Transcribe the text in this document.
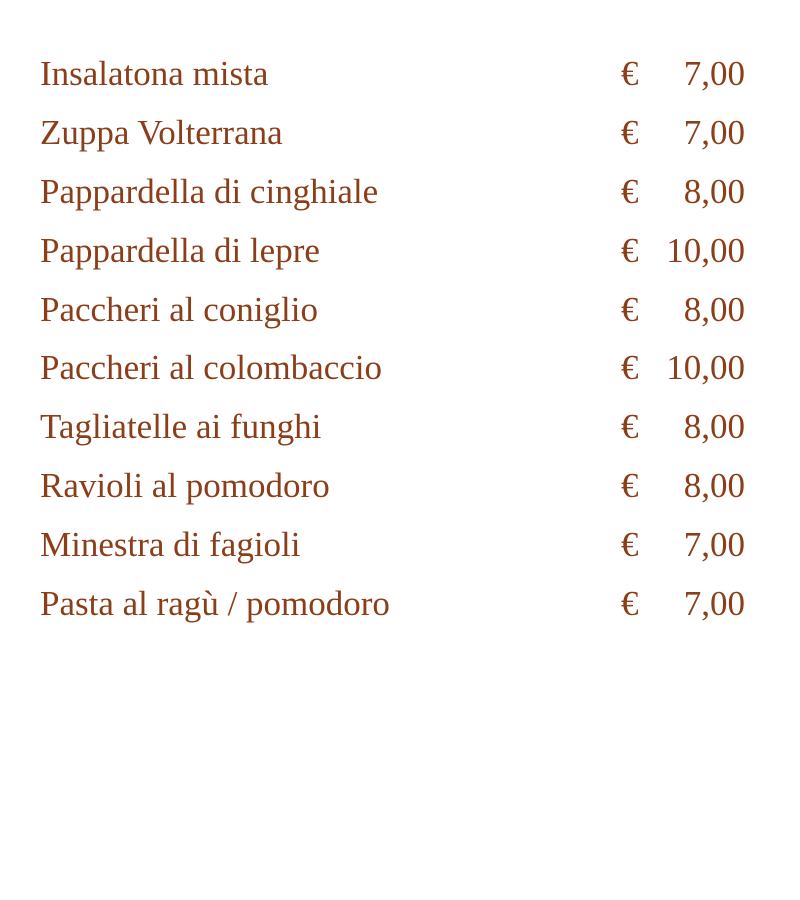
Insalatona mista	€ 7,00
Zuppa Volterrana	€ 7,00
Pappardella di cinghiale	€ 8,00
Pappardella di lepre	€ 10,00
Paccheri al coniglio	€ 8,00
Paccheri al colombaccio	€ 10,00
Tagliatelle ai funghi	€ 8,00
Ravioli al pomodoro	€ 8,00
Minestra di fagioli	€ 7,00
Pasta al ragù / pomodoro	€ 7,00
